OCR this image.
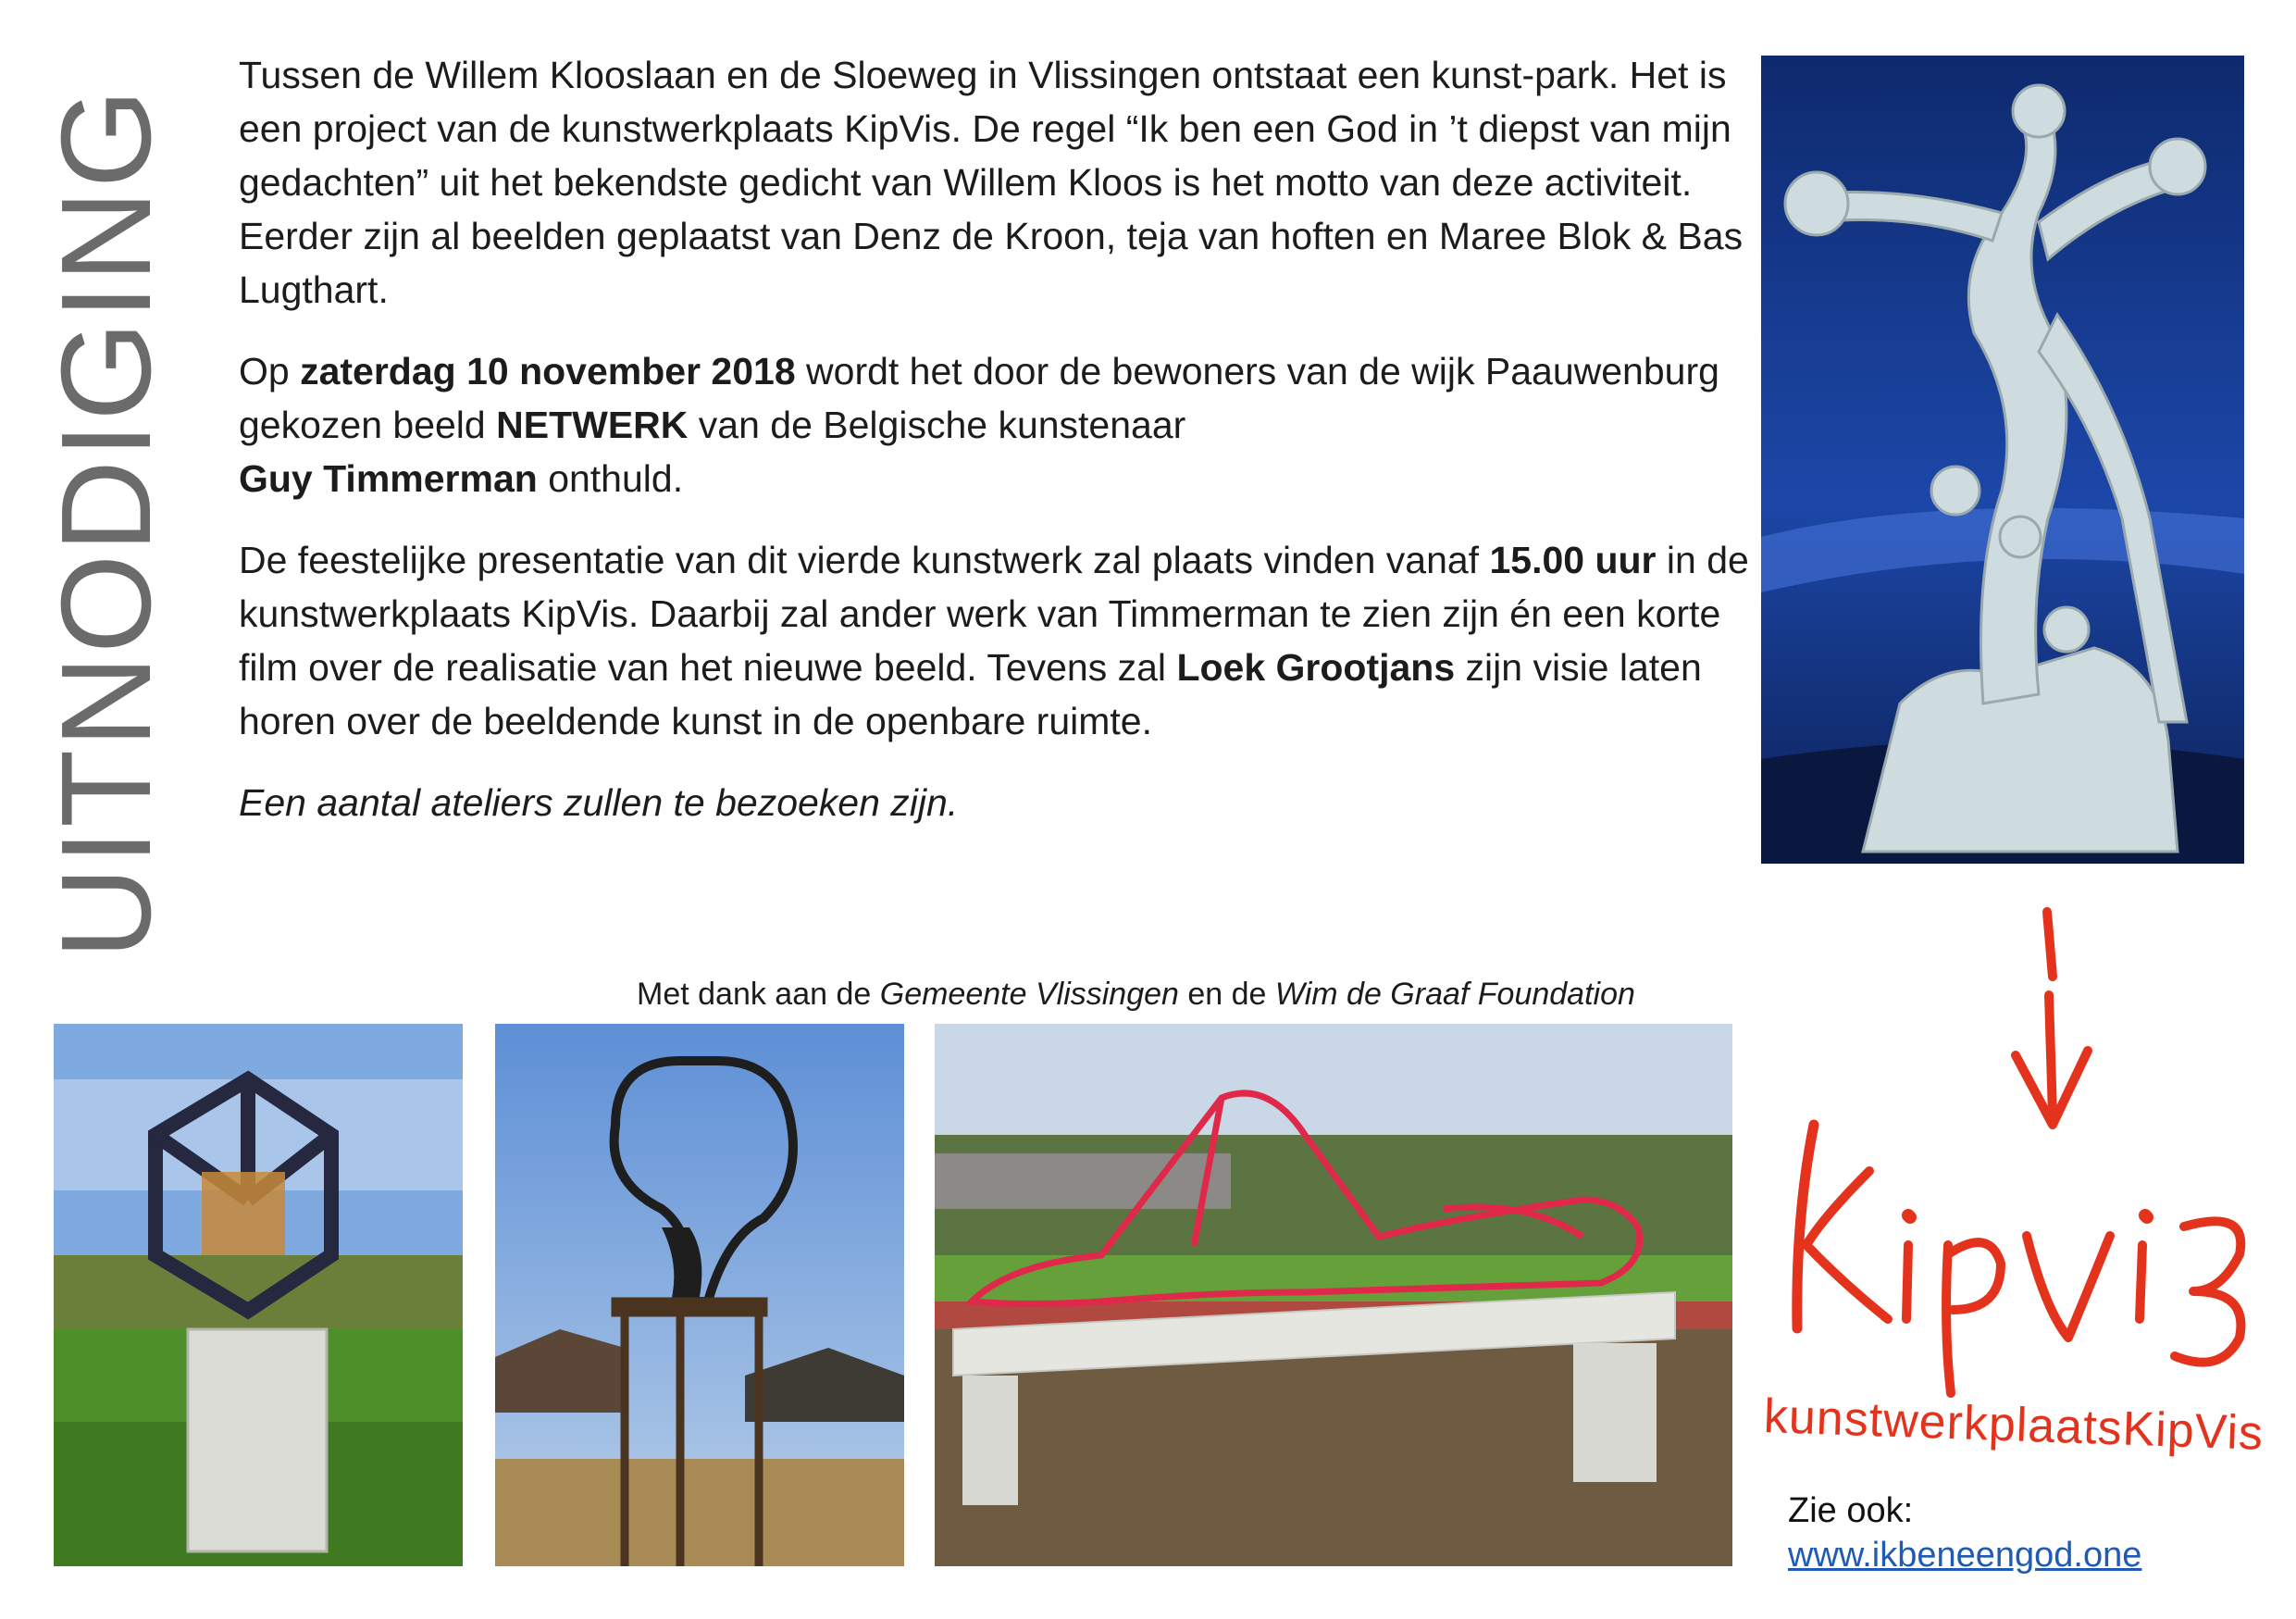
UITNODIGING

Tussen de Willem Klooslaan en de Sloeweg in Vlissingen ontstaat een kunst-park. Het is een project van de kunstwerkplaats KipVis. De regel “Ik ben een God in ’t diepst van mijn gedachten” uit het bekendste gedicht van Willem Kloos is het motto van deze activiteit. Eerder zijn al beelden geplaatst van Denz de Kroon, teja van hoften en Maree Blok & Bas Lugthart.

Op zaterdag 10 november 2018 wordt het door de bewoners van de wijk Paauwenburg gekozen beeld NETWERK van de Belgische kunstenaar
Guy Timmerman onthuld.

De feestelijke presentatie van dit vierde kunstwerk zal plaats vinden vanaf 15.00 uur in de kunstwerkplaats KipVis. Daarbij zal ander werk van Timmerman te zien zijn én een korte film over de realisatie van het nieuwe beeld. Tevens zal Loek Grootjans zijn visie laten horen over de beeldende kunst in de openbare ruimte.

Een aantal ateliers zullen te bezoeken zijn.

Met dank aan de Gemeente Vlissingen en de Wim de Graaf Foundation
kunstwerkplaatsKipVis
Zie ook:
www.ikbeneengod.one
